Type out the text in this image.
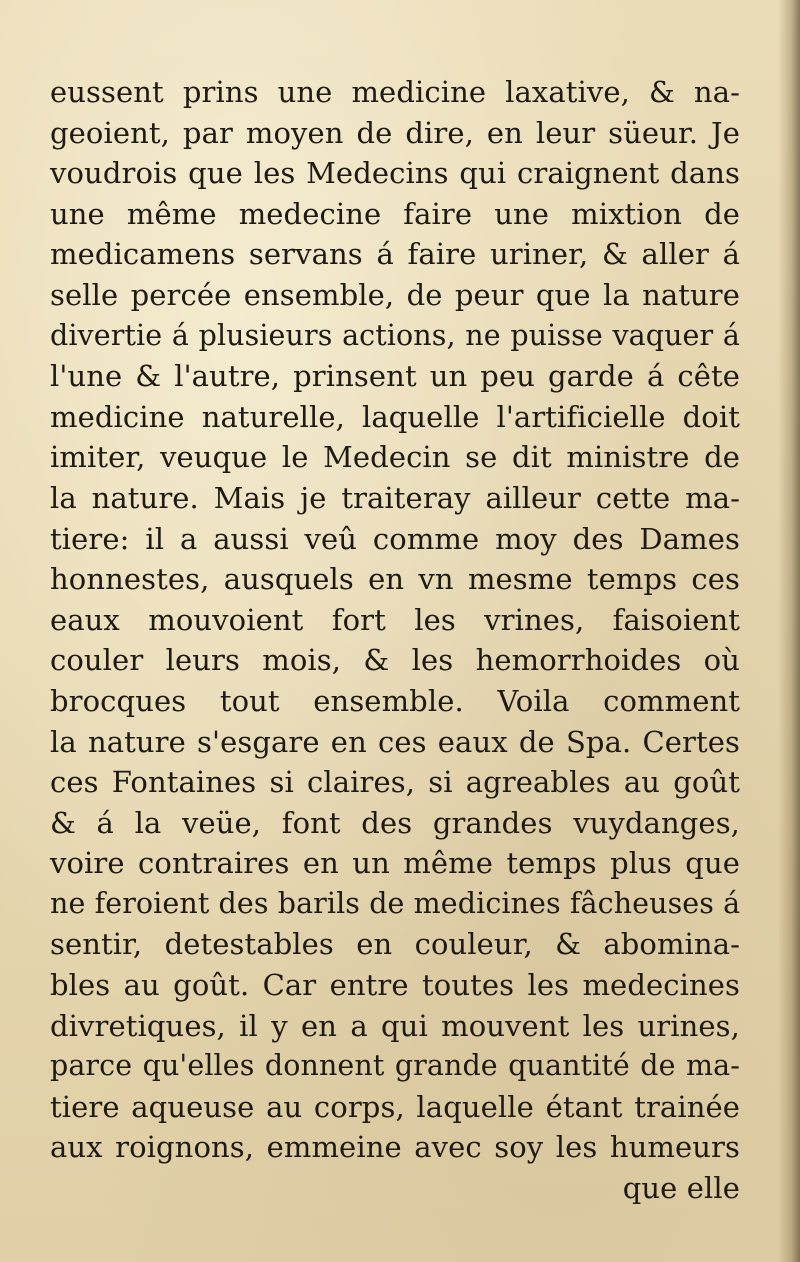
eussent prins une medicine laxative, & na-
geoient, par moyen de dire, en leur süeur. Je
voudrois que les Medecins qui craignent dans
une même medecine faire une mixtion de
medicamens servans á faire uriner, & aller á
selle percée ensemble, de peur que la nature
divertie á plusieurs actions, ne puisse vaquer á
l'une & l'autre, prinsent un peu garde á cête
medicine naturelle, laquelle l'artificielle doit
imiter, veuque le Medecin se dit ministre de
la nature. Mais je traiteray ailleur cette ma-
tiere: il a aussi veû comme moy des Dames
honnestes, ausquels en vn mesme temps ces
eaux mouvoient fort les vrines, faisoient
couler leurs mois, & les hemorrhoides où
brocques tout ensemble. Voila comment
la nature s'esgare en ces eaux de Spa. Certes
ces Fontaines si claires, si agreables au goût
& á la veüe, font des grandes vuydanges,
voire contraires en un même temps plus que
ne feroient des barils de medicines fâcheuses á
sentir, detestables en couleur, & abomina-
bles au goût. Car entre toutes les medecines
divretiques, il y en a qui mouvent les urines,
parce qu'elles donnent grande quantité de ma-
tiere aqueuse au corps, laquelle étant trainée
aux roignons, emmeine avec soy les humeurs
que elle
